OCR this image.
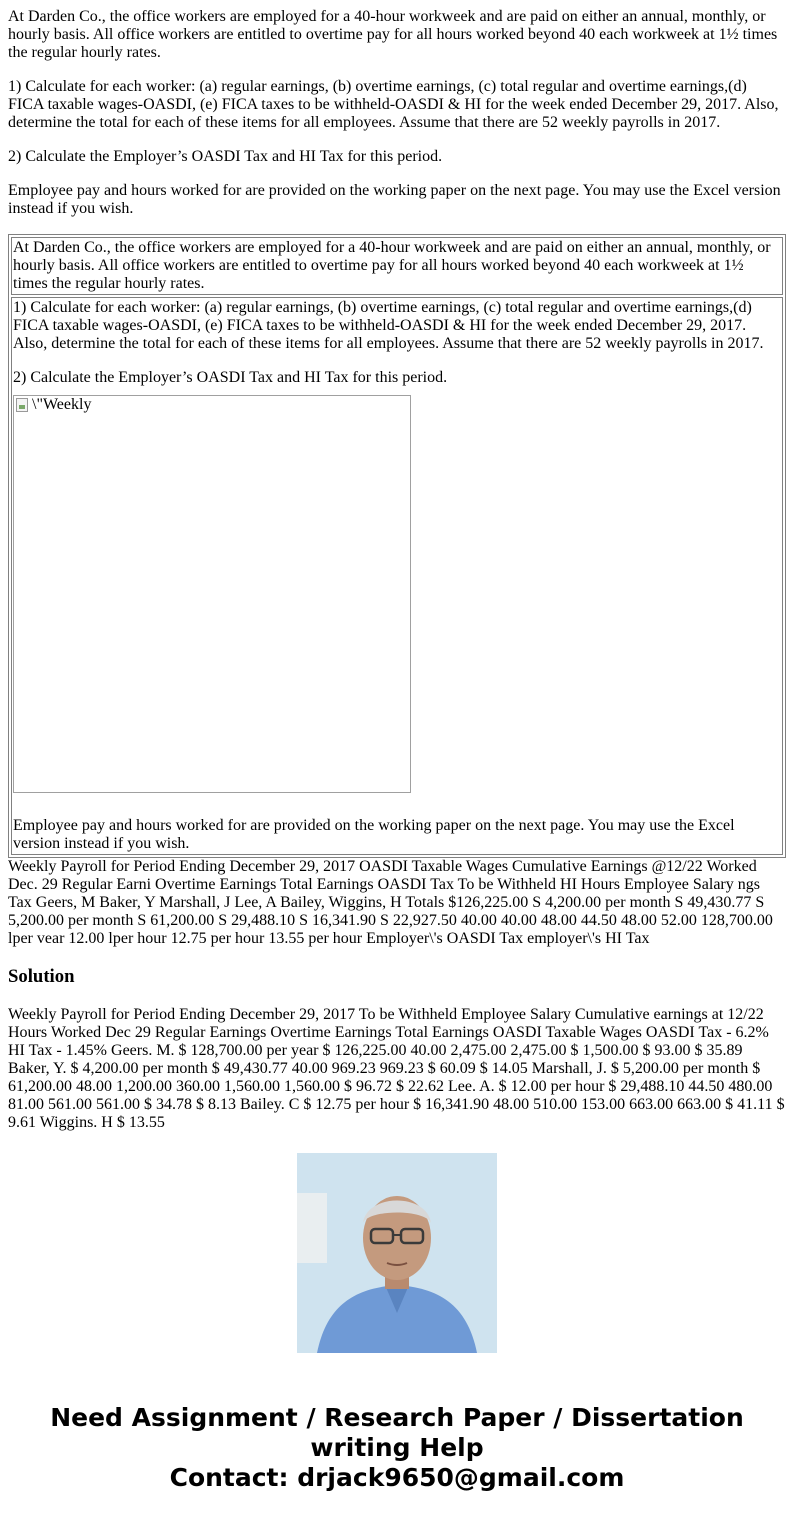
At Darden Co., the office workers are employed for a 40-hour workweek and are paid on either an annual, monthly, or hourly basis. All office workers are entitled to overtime pay for all hours worked beyond 40 each workweek at 1½ times the regular hourly rates.

1) Calculate for each worker: (a) regular earnings, (b) overtime earnings, (c) total regular and overtime earnings,(d) FICA taxable wages-OASDI, (e) FICA taxes to be withheld-OASDI & HI for the week ended December 29, 2017. Also, determine the total for each of these items for all employees. Assume that there are 52 weekly payrolls in 2017.

2) Calculate the Employer’s OASDI Tax and HI Tax for this period.

Employee pay and hours worked for are provided on the working paper on the next page. You may use the Excel version instead if you wish.

At Darden Co., the office workers are employed for a 40-hour workweek and are paid on either an annual, monthly, or hourly basis. All office workers are entitled to overtime pay for all hours worked beyond 40 each workweek at 1½ times the regular hourly rates.

1) Calculate for each worker: (a) regular earnings, (b) overtime earnings, (c) total regular and overtime earnings,(d) FICA taxable wages-OASDI, (e) FICA taxes to be withheld-OASDI & HI for the week ended December 29, 2017. Also, determine the total for each of these items for all employees. Assume that there are 52 weekly payrolls in 2017.

2) Calculate the Employer’s OASDI Tax and HI Tax for this period.

\"Weekly

Employee pay and hours worked for are provided on the working paper on the next page. You may use the Excel version instead if you wish.

Weekly Payroll for Period Ending December 29, 2017 OASDI Taxable Wages Cumulative Earnings @12/22 Worked Dec. 29 Regular Earni Overtime Earnings Total Earnings OASDI Tax To be Withheld HI Hours Employee Salary ngs Tax Geers, M Baker, Y Marshall, J Lee, A Bailey, Wiggins, H Totals $126,225.00 S 4,200.00 per month S 49,430.77 S 5,200.00 per month S 61,200.00 S 29,488.10 S 16,341.90 S 22,927.50 40.00 40.00 48.00 44.50 48.00 52.00 128,700.00 lper vear 12.00 lper hour 12.75 per hour 13.55 per hour Employer\'s OASDI Tax employer\'s HI Tax

Solution
Weekly Payroll for Period Ending December 29, 2017 To be Withheld Employee Salary Cumulative earnings at 12/22 Hours Worked Dec 29 Regular Earnings Overtime Earnings Total Earnings OASDI Taxable Wages OASDI Tax - 6.2% HI Tax - 1.45% Geers. M. $ 128,700.00 per year $ 126,225.00 40.00 2,475.00 2,475.00 $ 1,500.00 $ 93.00 $ 35.89 Baker, Y. $ 4,200.00 per month $ 49,430.77 40.00 969.23 969.23 $ 60.09 $ 14.05 Marshall, J. $ 5,200.00 per month $ 61,200.00 48.00 1,200.00 360.00 1,560.00 1,560.00 $ 96.72 $ 22.62 Lee. A. $ 12.00 per hour $ 29,488.10 44.50 480.00 81.00 561.00 561.00 $ 34.78 $ 8.13 Bailey. C $ 12.75 per hour $ 16,341.90 48.00 510.00 153.00 663.00 663.00 $ 41.11 $ 9.61 Wiggins. H $ 13.55
Need Assignment / Research Paper / Dissertation
writing Help
Contact: drjack9650@gmail.com
